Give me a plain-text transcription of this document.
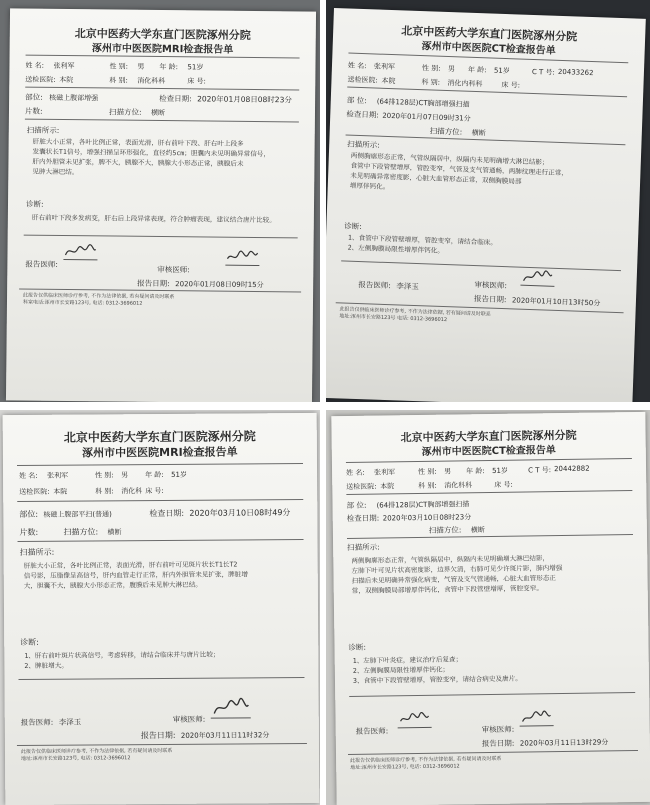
北京中医药大学东直门医院涿州分院
涿州市中医医院MRI检查报告单
姓 名: 张利军	性 别: 男 年 龄: 51岁
送检医院: 本院	科 别: 消化科科	床 号:
部位: 核磁上腹部增强	检查日期: 2020年01月08日08时23分
片数:	扫描方位: 横断
扫描所示:
肝脏大小正常，各叶比例正常，表面光滑，肝右前叶下段、肝右叶上段多
发囊状长T1信号，增强扫描呈环形强化，直径约5cm；胆囊内未见明确异常信号，
肝内外胆管未见扩张，脾不大，胰腺不大，胰腺大小形态正常，胰腺后未
见肿大淋巴结。
诊断:
肝右前叶下段多发病变，肝右后上段异常表现，符合肿瘤表现，建议结合唐片比较。
报告医师:
审核医师:
报告日期: 2020年01月08日09时15分
此报告仅供临床医师诊疗参考, 不作为法律依据, 若有疑问请及时联系
科室电话:涿州市长安路123号, 电话: 0312-3696012
北京中医药大学东直门医院涿州分院
涿州市中医医院CT检查报告单
姓 名: 张利军	性 别: 男 年 龄: 51岁	C T 号: 20433262
送检医院: 本院	科 别: 消化内科科	床 号:
部 位: (64排128层)CT胸部增强扫描
检查日期: 2020年01月07日09时31分
扫描方位: 横断
扫描所示:
两侧胸廓形态正常，气管纵隔居中，纵隔内未见明确增大淋巴结影；
食管中下段管壁增厚，管腔变窄，气管及支气管通畅，两肺纹理走行正常，
未见明确异常密度影，心脏大血管形态正常，双侧胸膜局部
增厚伴钙化。
诊断:
1、食管中下段管壁增厚，管腔变窄，请结合临床。
2、左侧胸膜局限性增厚伴钙化。
报告医师: 李泽玉	审核医师:
报告日期: 2020年01月10日13时50分
此报告仅供临床医师诊疗参考, 不作为法律依据, 若有疑问请及时联系
地址:涿州市长安路123号 电话: 0312-3696012
北京中医药大学东直门医院涿州分院
涿州市中医医院MRI检查报告单
姓 名: 张利军	性 别: 男 年 龄: 51岁
送检医院: 本院	科 别: 消化科 床 号:
部位: 核磁上腹部平扫(普通)	检查日期: 2020年03月10日08时49分
片数:	扫描方位: 横断
扫描所示:
肝脏大小正常，各叶比例正常，表面光滑，肝右前叶可见斑片状长T1长T2
信号影，压脂像呈高信号，肝内血管走行正常，肝内外胆管未见扩张，脾脏增
大，胆囊不大，胰腺大小形态正常，腹膜后未见肿大淋巴结。
诊断:
1、肝右前叶斑片状高信号，考虑转移，请结合临床并与唐片比较；
2、脾脏增大。
报告医师: 李泽玉	审核医师:
报告日期: 2020年03月11日11时32分
此报告仅供临床医师诊疗参考, 不作为法律依据, 若有疑问请及时联系
地址:涿州市长安路123号, 电话: 0312-3696012
北京中医药大学东直门医院涿州分院
涿州市中医医院CT检查报告单
姓 名: 张利军	性 别: 男 年 龄: 51岁	C T 号: 20442882
送检医院: 本院	科 别: 消化科科	床 号:
部 位: (64排128层)CT胸部增强扫描
检查日期: 2020年03月10日08时23分
扫描方位: 横断
扫描所示:
两侧胸廓形态正常，气管纵隔居中，纵隔内未见明确增大淋巴结影，
左肺下叶可见片状高密度影，边界欠清，右肺可见少许斑片影，肺内增强
扫描后未见明确异常强化病变，气管及支气管通畅，心脏大血管形态正
常，双侧胸膜局部增厚伴钙化，食管中下段管壁增厚，管腔变窄。
诊断:
1、左肺下叶炎症，建议治疗后复查；
2、左侧胸膜局限性增厚伴钙化；
3、食管中下段管壁增厚，管腔变窄，请结合病史及唐片。
报告医师:	审核医师:
报告日期: 2020年03月11日13时29分
此报告仅供临床医师诊疗参考, 不作为法律依据, 若有疑问请及时联系
地址:涿州市长安路123号, 电话: 0312-3696012
